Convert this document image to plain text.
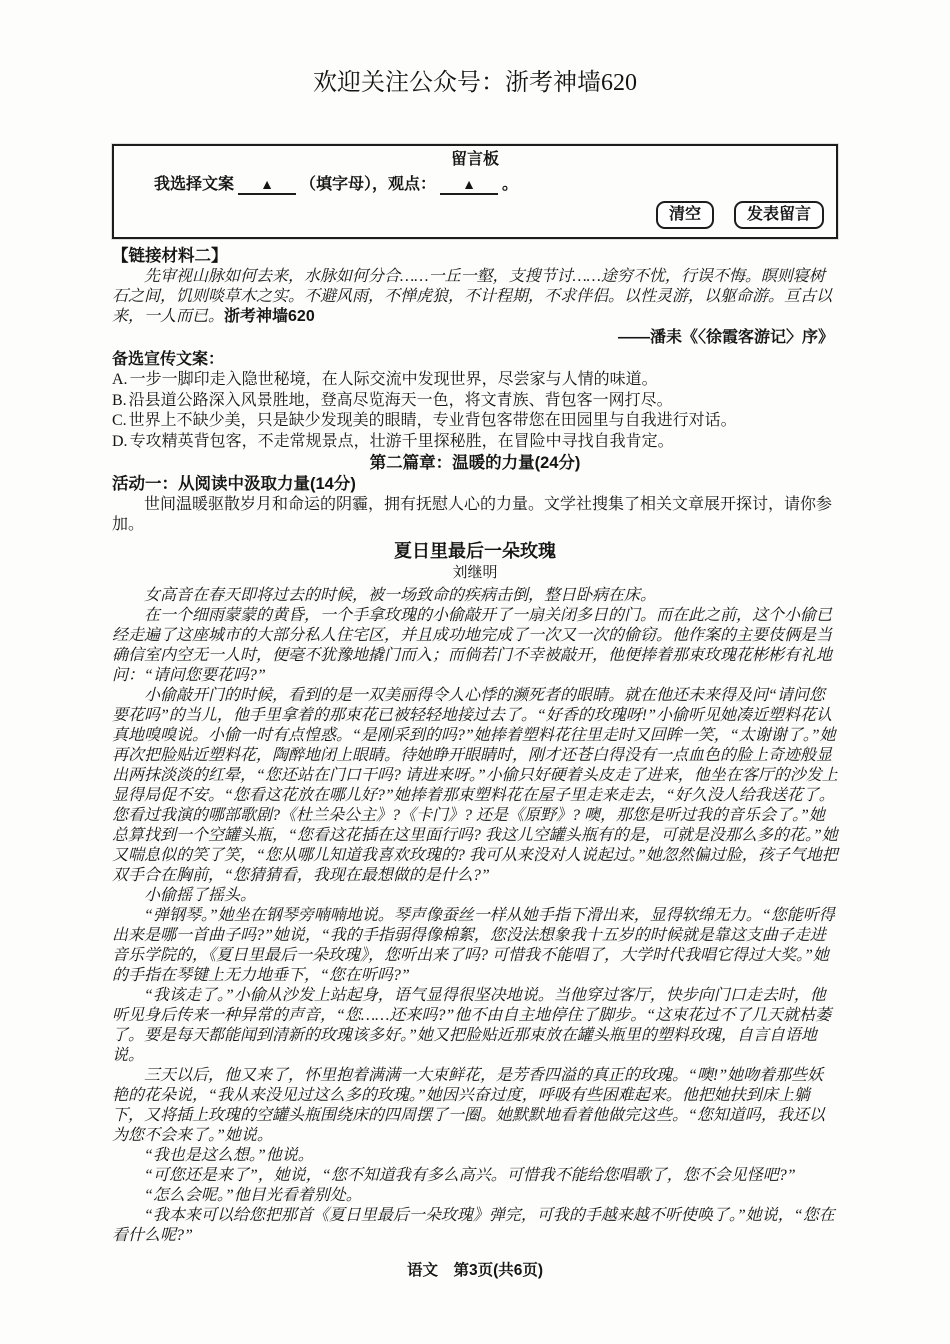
欢迎关注公众号：浙考神墙620
留言板
我选择文案 ▲ （填字母），观点： ▲ 。
清空	发表留言
【链接材料二】

先审视山脉如何去来，水脉如何分合……一丘一壑，支搜节讨……途穷不忧，行误不悔。瞑则寝树石之间，饥则啖草木之实。不避风雨，不惮虎狼，不计程期，不求伴侣。以性灵游，以躯命游。亘古以来，一人而已。浙考神墙620

——潘耒《〈徐霞客游记〉序》
备选宣传文案：
A. 一步一脚印走入隐世秘境，在人际交流中发现世界，尽尝家与人情的味道。
B. 沿县道公路深入风景胜地，登高尽览海天一色，将文青族、背包客一网打尽。
C. 世界上不缺少美，只是缺少发现美的眼睛，专业背包客带您在田园里与自我进行对话。
D. 专攻精英背包客，不走常规景点，壮游千里探秘胜，在冒险中寻找自我肯定。
第二篇章：温暖的力量(24分)
活动一：从阅读中汲取力量(14分)

世间温暖驱散岁月和命运的阴霾，拥有抚慰人心的力量。文学社搜集了相关文章展开探讨，请你参加。

夏日里最后一朵玫瑰
刘继明

女高音在春天即将过去的时候，被一场致命的疾病击倒，整日卧病在床。

在一个细雨蒙蒙的黄昏，一个手拿玫瑰的小偷敲开了一扇关闭多日的门。而在此之前，这个小偷已经走遍了这座城市的大部分私人住宅区，并且成功地完成了一次又一次的偷窃。他作案的主要伎俩是当确信室内空无一人时，便毫不犹豫地撬门而入；而倘若门不幸被敲开，他便捧着那束玫瑰花彬彬有礼地问：“请问您要花吗?”

小偷敲开门的时候，看到的是一双美丽得令人心悸的濒死者的眼睛。就在他还未来得及问“请问您要花吗”的当儿，他手里拿着的那束花已被轻轻地接过去了。“好香的玫瑰呀!”小偷听见她凑近塑料花认真地嗅嗅说。小偷一时有点惶惑。“是刚采到的吗?”她捧着塑料花往里走时又回眸一笑，“太谢谢了。”她再次把脸贴近塑料花，陶醉地闭上眼睛。待她睁开眼睛时，刚才还苍白得没有一点血色的脸上奇迹般显出两抹淡淡的红晕，“您还站在门口干吗? 请进来呀。”小偷只好硬着头皮走了进来，他坐在客厅的沙发上显得局促不安。“您看这花放在哪儿好?”她捧着那束塑料花在屋子里走来走去，“好久没人给我送花了。您看过我演的哪部歌剧?《杜兰朵公主》?《卡门》? 还是《原野》? 噢，那您是听过我的音乐会了。”她总算找到一个空罐头瓶，“您看这花插在这里面行吗? 我这儿空罐头瓶有的是，可就是没那么多的花。”她又喘息似的笑了笑，“您从哪儿知道我喜欢玫瑰的? 我可从来没对人说起过。”她忽然偏过脸，孩子气地把双手合在胸前，“您猜猜看，我现在最想做的是什么?”

小偷摇了摇头。

“弹钢琴。”她坐在钢琴旁喃喃地说。琴声像蚕丝一样从她手指下滑出来，显得软绵无力。“您能听得出来是哪一首曲子吗?”她说，“我的手指弱得像棉絮，您没法想象我十五岁的时候就是靠这支曲子走进音乐学院的，《夏日里最后一朵玫瑰》，您听出来了吗? 可惜我不能唱了，大学时代我唱它得过大奖。”她的手指在琴键上无力地垂下，“您在听吗?”

“我该走了。”小偷从沙发上站起身，语气显得很坚决地说。当他穿过客厅，快步向门口走去时，他听见身后传来一种异常的声音，“您……还来吗?”他不由自主地停住了脚步。“这束花过不了几天就枯萎了。要是每天都能闻到清新的玫瑰该多好。”她又把脸贴近那束放在罐头瓶里的塑料玫瑰，自言自语地说。

三天以后，他又来了，怀里抱着满满一大束鲜花，是芳香四溢的真正的玫瑰。“噢!”她吻着那些妖艳的花朵说，“我从来没见过这么多的玫瑰。”她因兴奋过度，呼吸有些困难起来。他把她扶到床上躺下，又将插上玫瑰的空罐头瓶围绕床的四周摆了一圈。她默默地看着他做完这些。“您知道吗，我还以为您不会来了。”她说。

“我也是这么想。”他说。

“可您还是来了”，她说，“您不知道我有多么高兴。可惜我不能给您唱歌了，您不会见怪吧?”

“怎么会呢。”他目光看着别处。

“我本来可以给您把那首《夏日里最后一朵玫瑰》弹完，可我的手越来越不听使唤了。”她说，“您在看什么呢?”

语文　第3页(共6页)
